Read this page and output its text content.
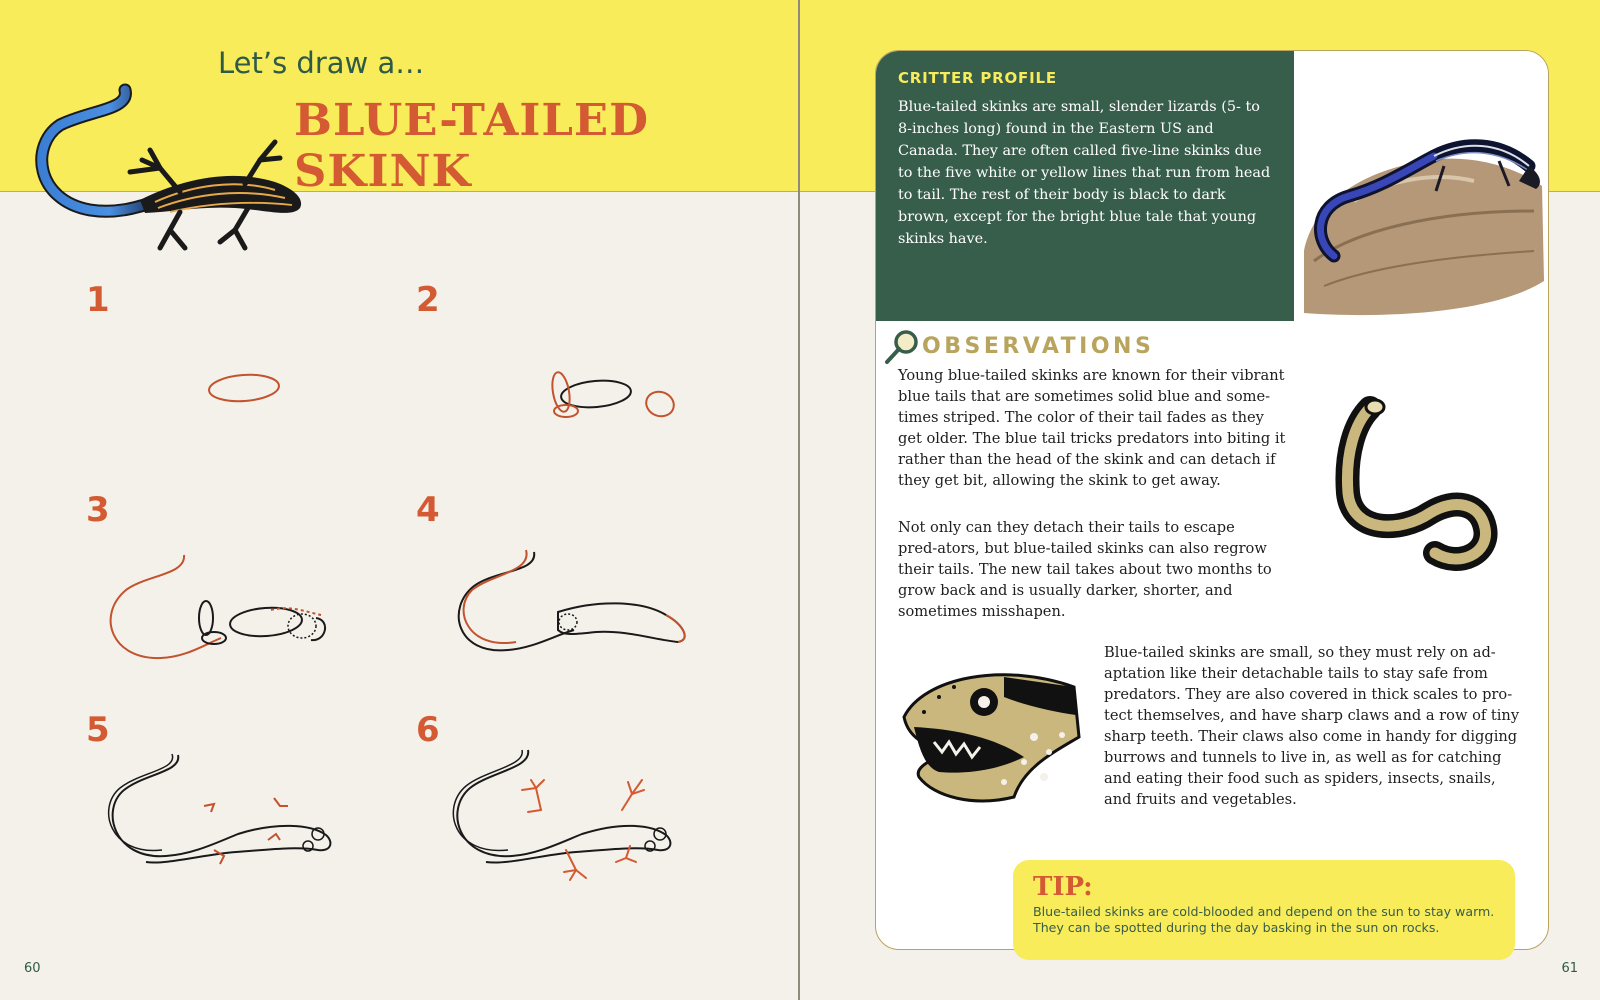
Let’s draw a…
BLUE-TAILED SKINK
1	2
3	4
5	6
60
CRITTER PROFILE

Blue-tailed skinks are small, slender lizards (5- to 8-inches long) found in the Eastern US and Canada. They are often called five-line skinks due to the five white or yellow lines that run from head to tail. The rest of their body is black to dark brown, except for the bright blue tale that young skinks have.

OBSERVATIONS

Young blue-tailed skinks are known for their vibrant blue tails that are sometimes solid blue and some-times striped. The color of their tail fades as they get older. The blue tail tricks predators into biting it rather than the head of the skink and can detach if they get bit, allowing the skink to get away.

Not only can they detach their tails to escape pred-ators, but blue-tailed skinks can also regrow their tails. The new tail takes about two months to grow back and is usually darker, shorter, and sometimes misshapen.

Blue-tailed skinks are small, so they must rely on ad-aptation like their detachable tails to stay safe from predators. They are also covered in thick scales to pro-tect themselves, and have sharp claws and a row of tiny sharp teeth. Their claws also come in handy for digging burrows and tunnels to live in, as well as for catching and eating their food such as spiders, insects, snails, and fruits and vegetables.

TIP:

Blue-tailed skinks are cold-blooded and depend on the sun to stay warm. They can be spotted during the day basking in the sun on rocks.

61
